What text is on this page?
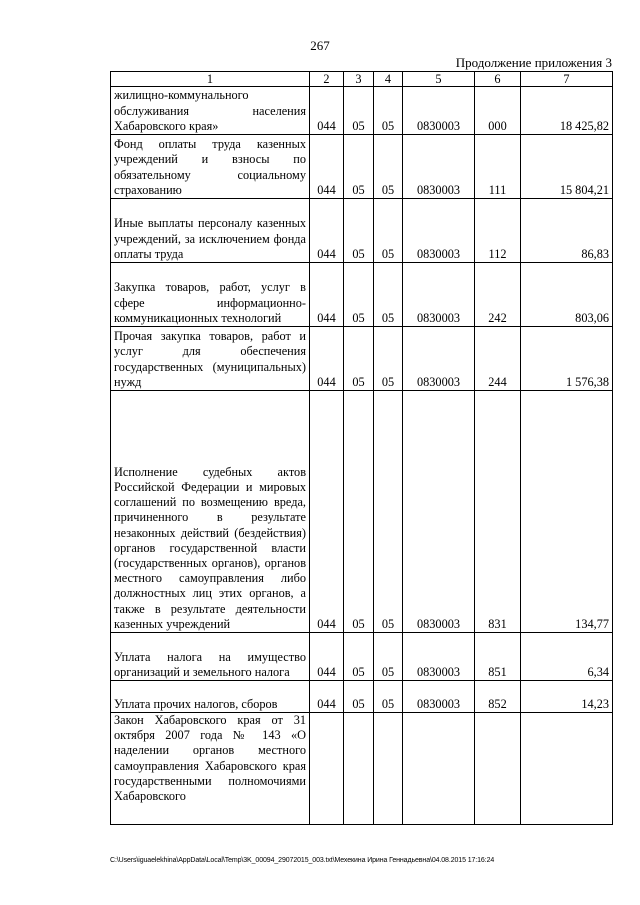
267
Продолжение приложения 3
1	2	3	4	5	6	7
жилищно-коммунального обслуживания населения Хабаровского края»	044	05	05	0830003	000	18 425,82
Фонд оплаты труда казенных учреждений и взносы по обязательному социальному страхованию	044	05	05	0830003	111	15 804,21
Иные выплаты персоналу казенных учреждений, за исключением фонда оплаты труда	044	05	05	0830003	112	86,83
Закупка товаров, работ, услуг в сфере информационно-коммуникационных технологий	044	05	05	0830003	242	803,06
Прочая закупка товаров, работ и услуг для обеспечения государственных (муниципальных) нужд	044	05	05	0830003	244	1 576,38
Исполнение судебных актов Российской Федерации и мировых соглашений по возмещению вреда, причиненного в результате незаконных действий (бездействия) органов государственной власти (государственных органов), органов местного самоуправления либо должностных лиц этих органов, а также в результате деятельности казенных учреждений	044	05	05	0830003	831	134,77
Уплата налога на имущество организаций и земельного налога	044	05	05	0830003	851	6,34
Уплата прочих налогов, сборов	044	05	05	0830003	852	14,23
Закон Хабаровского края от 31 октября 2007 года № 143 «О наделении органов местного самоуправления Хабаровского края государственными полномочиями Хабаровского						
C:\Users\iguaelekhina\AppData\Local\Temp\3K_00094_29072015_003.txt\Мехекина Ирина Геннадьевна\04.08.2015 17:16:24
